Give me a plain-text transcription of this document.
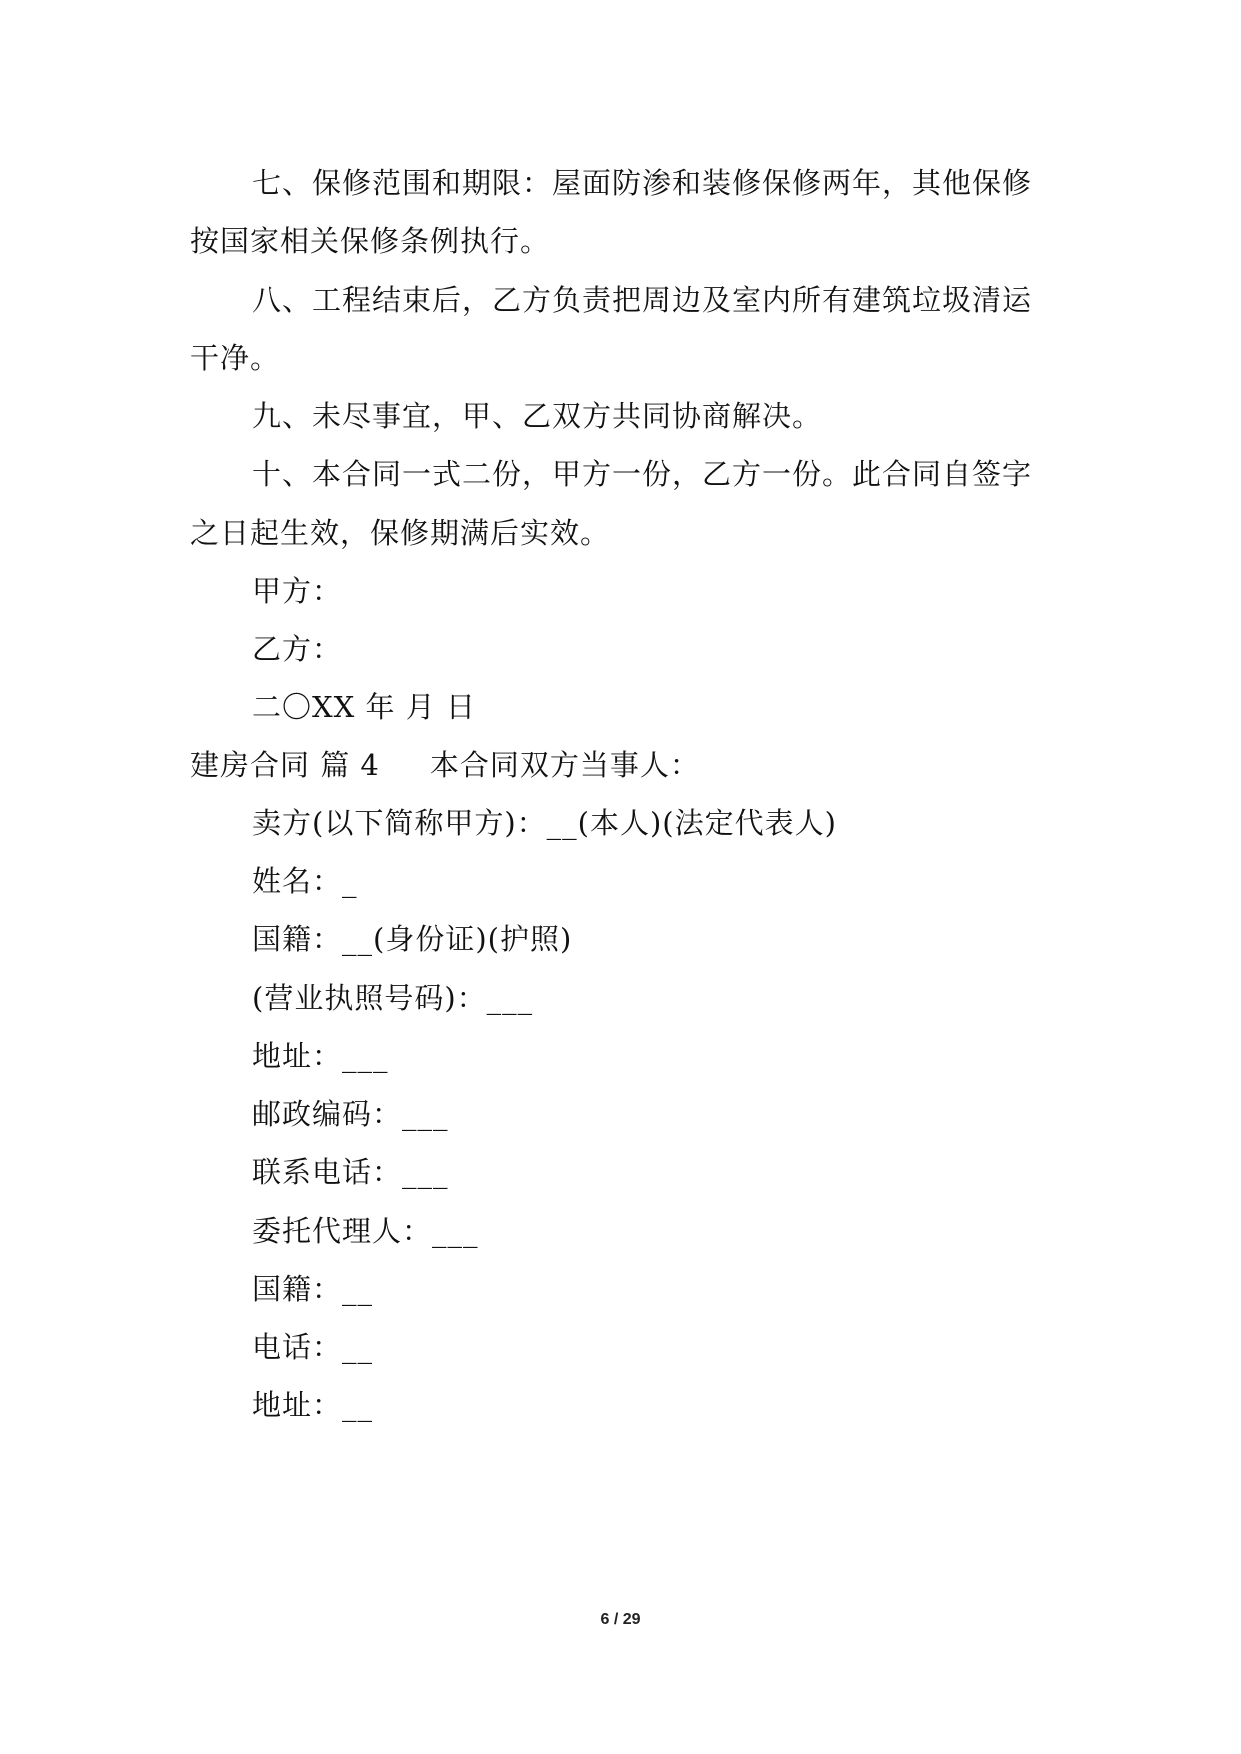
七、保修范围和期限：屋面防渗和装修保修两年，其他保修
按国家相关保修条例执行。
八、工程结束后，乙方负责把周边及室内所有建筑垃圾清运
干净。
九、未尽事宜，甲、乙双方共同协商解决。
十、本合同一式二份，甲方一份，乙方一份。此合同自签字
之日起生效，保修期满后实效。
甲方：
乙方：
二〇XX 年 月 日
建房合同 篇 4 本合同双方当事人：
卖方(以下简称甲方)：__(本人)(法定代表人)
姓名：_
国籍：__(身份证)(护照)
(营业执照号码)：___
地址：___
邮政编码：___
联系电话：___
委托代理人：___
国籍：__
电话：__
地址：__
6 / 29
